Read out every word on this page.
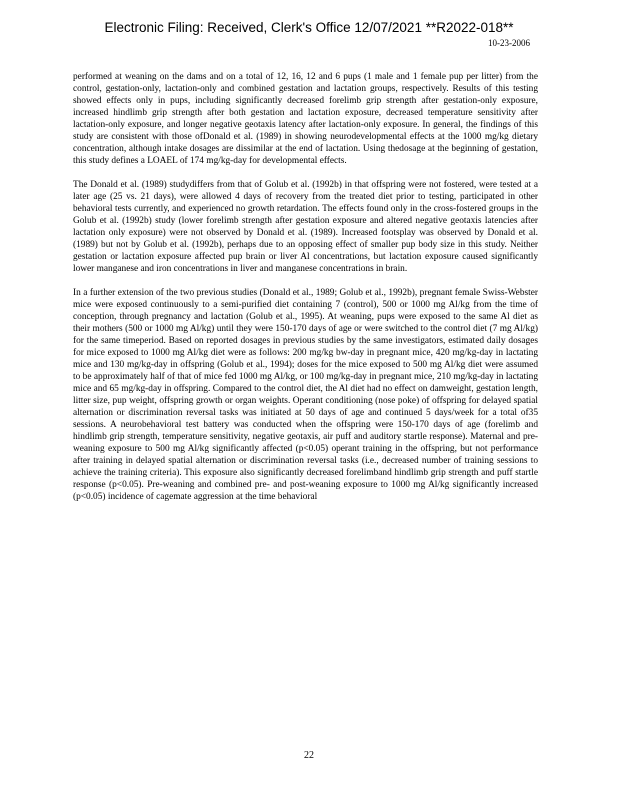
Electronic Filing: Received, Clerk's Office 12/07/2021 **R2022-018**
10-23-2006

performed at weaning on the dams and on a total of 12, 16, 12 and 6 pups (1 male and 1 female pup per litter) from the control, gestation-only, lactation-only and combined gestation and lactation groups, respectively. Results of this testing showed effects only in pups, including significantly decreased forelimb grip strength after gestation-only exposure, increased hindlimb grip strength after both gestation and lactation exposure, decreased temperature sensitivity after lactation-only exposure, and longer negative geotaxis latency after lactation-only exposure. In general, the findings of this study are consistent with those ofDonald et al. (1989) in showing neurodevelopmental effects at the 1000 mg/kg dietary concentration, although intake dosages are dissimilar at the end of lactation. Using thedosage at the beginning of gestation, this study defines a LOAEL of 174 mg/kg-day for developmental effects.

The Donald et al. (1989) studydiffers from that of Golub et al. (1992b) in that offspring were not fostered, were tested at a later age (25 vs. 21 days), were allowed 4 days of recovery from the treated diet prior to testing, participated in other behavioral tests currently, and experienced no growth retardation. The effects found only in the cross-fostered groups in the Golub et al. (1992b) study (lower forelimb strength after gestation exposure and altered negative geotaxis latencies after lactation only exposure) were not observed by Donald et al. (1989). Increased footsplay was observed by Donald et al. (1989) but not by Golub et al. (1992b), perhaps due to an opposing effect of smaller pup body size in this study. Neither gestation or lactation exposure affected pup brain or liver Al concentrations, but lactation exposure caused significantly lower manganese and iron concentrations in liver and manganese concentrations in brain.

In a further extension of the two previous studies (Donald et al., 1989; Golub et al., 1992b), pregnant female Swiss-Webster mice were exposed continuously to a semi-purified diet containing 7 (control), 500 or 1000 mg Al/kg from the time of conception, through pregnancy and lactation (Golub et al., 1995). At weaning, pups were exposed to the same Al diet as their mothers (500 or 1000 mg Al/kg) until they were 150-170 days of age or were switched to the control diet (7 mg Al/kg) for the same timeperiod. Based on reported dosages in previous studies by the same investigators, estimated daily dosages for mice exposed to 1000 mg Al/kg diet were as follows: 200 mg/kg bw-day in pregnant mice, 420 mg/kg-day in lactating mice and 130 mg/kg-day in offspring (Golub et al., 1994); doses for the mice exposed to 500 mg Al/kg diet were assumed to be approximately half of that of mice fed 1000 mg Al/kg, or 100 mg/kg-day in pregnant mice, 210 mg/kg-day in lactating mice and 65 mg/kg-day in offspring. Compared to the control diet, the Al diet had no effect on damweight, gestation length, litter size, pup weight, offspring growth or organ weights. Operant conditioning (nose poke) of offspring for delayed spatial alternation or discrimination reversal tasks was initiated at 50 days of age and continued 5 days/week for a total of35 sessions. A neurobehavioral test battery was conducted when the offspring were 150-170 days of age (forelimb and hindlimb grip strength, temperature sensitivity, negative geotaxis, air puff and auditory startle response). Maternal and pre-weaning exposure to 500 mg Al/kg significantly affected (p<0.05) operant training in the offspring, but not performance after training in delayed spatial alternation or discrimination reversal tasks (i.e., decreased number of training sessions to achieve the training criteria). This exposure also significantly decreased forelimband hindlimb grip strength and puff startle response (p<0.05). Pre-weaning and combined pre- and post-weaning exposure to 1000 mg Al/kg significantly increased (p<0.05) incidence of cagemate aggression at the time behavioral

22
